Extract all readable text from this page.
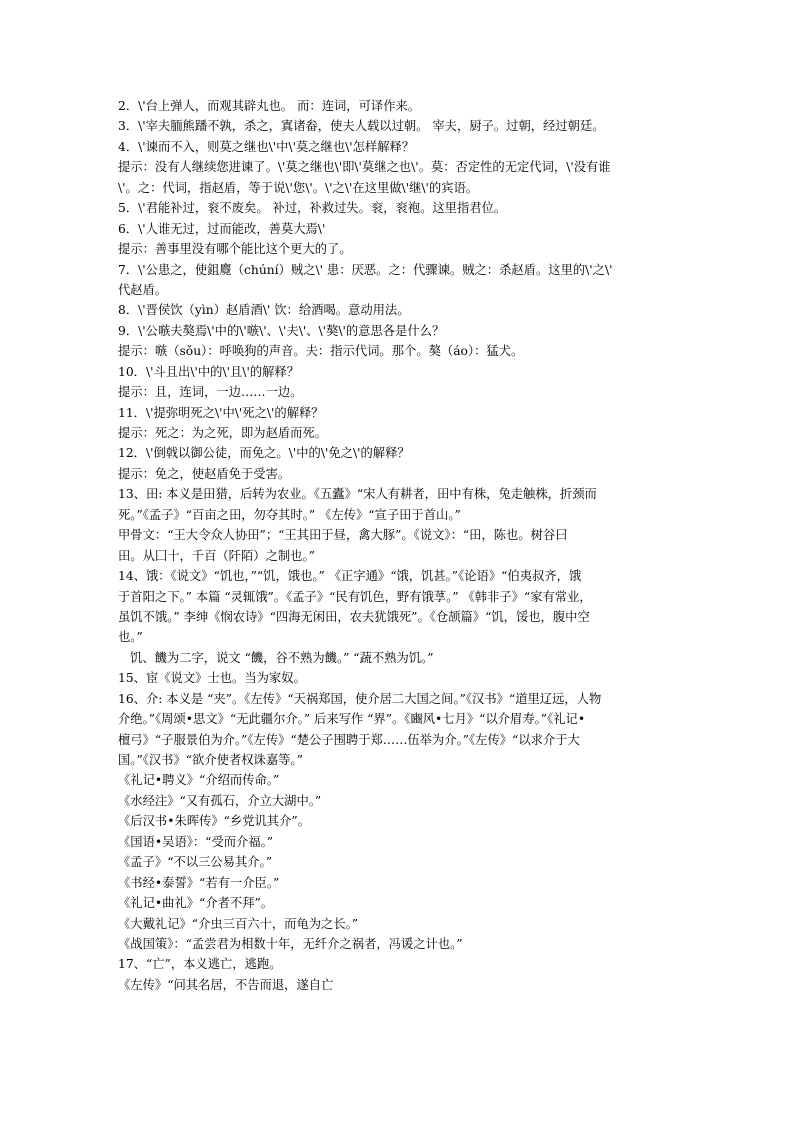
2．\'台上弹人，而观其辟丸也。 而：连词，可译作来。
3．\'宰夫胹熊蹯不孰，杀之，寘诸畚，使夫人载以过朝。 宰夫，厨子。过朝，经过朝廷。
4．\'谏而不入，则莫之继也\'中\'莫之继也\'怎样解释？
提示：没有人继续您进谏了。\'莫之继也\'即\'莫继之也\'。莫：否定性的无定代词，\'没有谁
\'。之：代词，指赵盾，等于说\'您\'。\'之\'在这里做\'继\'的宾语。
5．\'君能补过，衮不废矣。 补过，补救过失。衮，衮袍。这里指君位。
6．\'人谁无过，过而能改，善莫大焉\'
提示：善事里没有哪个能比这个更大的了。
7．\'公患之，使鉏麑（chúní）贼之\' 患：厌恶。之：代骤谏。贼之：杀赵盾。这里的\'之\'
代赵盾。
8．\'晋侯饮（yìn）赵盾酒\' 饮：给酒喝。意动用法。
9．\'公嗾夫獒焉\'中的\'嗾\'、\'夫\'、\'獒\'的意思各是什么？
提示：嗾（sǒu）：呼唤狗的声音。夫：指示代词。那个。獒（áo）：猛犬。
10．\'斗且出\'中的\'且\'的解释？
提示：且，连词，一边……一边。
11．\'提弥明死之\'中\'死之\'的解释？
提示：死之：为之死，即为赵盾而死。
12．\'倒戟以御公徒，而免之。\'中的\'免之\'的解释？
提示：免之，使赵盾免于受害。
13、田: 本义是田猎，后转为农业。《五蠹》“宋人有耕者，田中有株，兔走触株，折颈而
死。”《孟子》“百亩之田，勿夺其时。” 《左传》“宣子田于首山。”
甲骨文：“王大令众人协田”；“王其田于昼，禽大豚”。《说文》：“田，陈也。树谷曰
田。从囗十，千百（阡陌）之制也。”
14、饿：《说文》“饥也，”“饥，饿也。” 《正字通》“饿，饥甚。”《论语》“伯夷叔齐，饿
于首阳之下。” 本篇 “灵辄饿”。《孟子》“民有饥色，野有饿莩。” 《韩非子》“家有常业，
虽饥不饿。” 李绅《悯农诗》“四海无闲田，农夫犹饿死”。《仓颉篇》“饥，馁也，腹中空
也。”
饥、饑为二字，说文 “饑，谷不熟为饑。” “蔬不熟为饥。”
15、宦《说文》士也。当为家奴。
16、介: 本义是 “夹”。《左传》“天祸郑国，使介居二大国之间。”《汉书》“道里辽远，人物
介绝。”《周颂•思文》“无此疆尔介。” 后来写作 “界”。《豳风•七月》“以介眉寿。”《礼记•
檀弓》“子服景伯为介。”《左传》“楚公子围聘于郑……伍举为介。”《左传》“以求介于大
国。”《汉书》“欲介使者权诛嘉等。”
《礼记•聘义》“介绍而传命。”
《水经注》“又有孤石，介立大湖中。”
《后汉书•朱晖传》“乡党讥其介”。
《国语•吴语》：“受而介福。”
《孟子》“不以三公易其介。”
《书经•泰誓》“若有一介臣。”
《礼记•曲礼》“介者不拜”。
《大戴礼记》“介虫三百六十，而龟为之长。”
《战国策》：“孟尝君为相数十年，无纤介之祸者，冯谖之计也。”
17、“亡”，本义逃亡，逃跑。
《左传》“问其名居，不告而退，遂自亡
